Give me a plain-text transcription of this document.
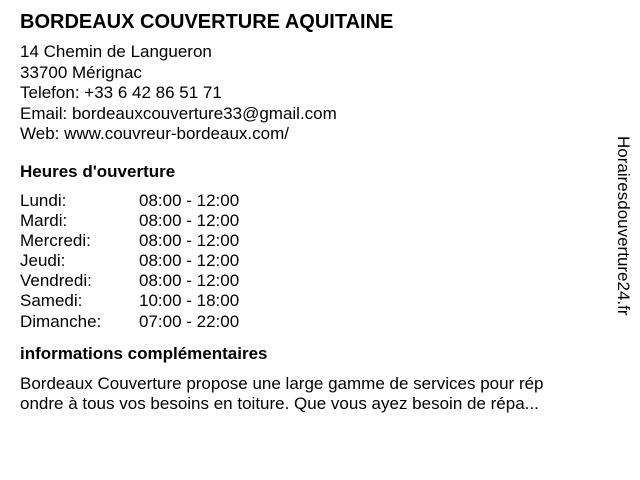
BORDEAUX COUVERTURE AQUITAINE
14 Chemin de Langueron
33700 Mérignac
Telefon: +33 6 42 86 51 71
Email: bordeauxcouverture33@gmail.com
Web: www.couvreur-bordeaux.com/
Heures d'ouverture
Lundi:	08:00 - 12:00
Mardi:	08:00 - 12:00
Mercredi:	08:00 - 12:00
Jeudi:	08:00 - 12:00
Vendredi:	08:00 - 12:00
Samedi:	10:00 - 18:00
Dimanche: 07:00 - 22:00
informations complémentaires
Bordeaux Couverture propose une large gamme de services pour rép
ondre à tous vos besoins en toiture. Que vous ayez besoin de répa...
Horairesdouverture24.fr
